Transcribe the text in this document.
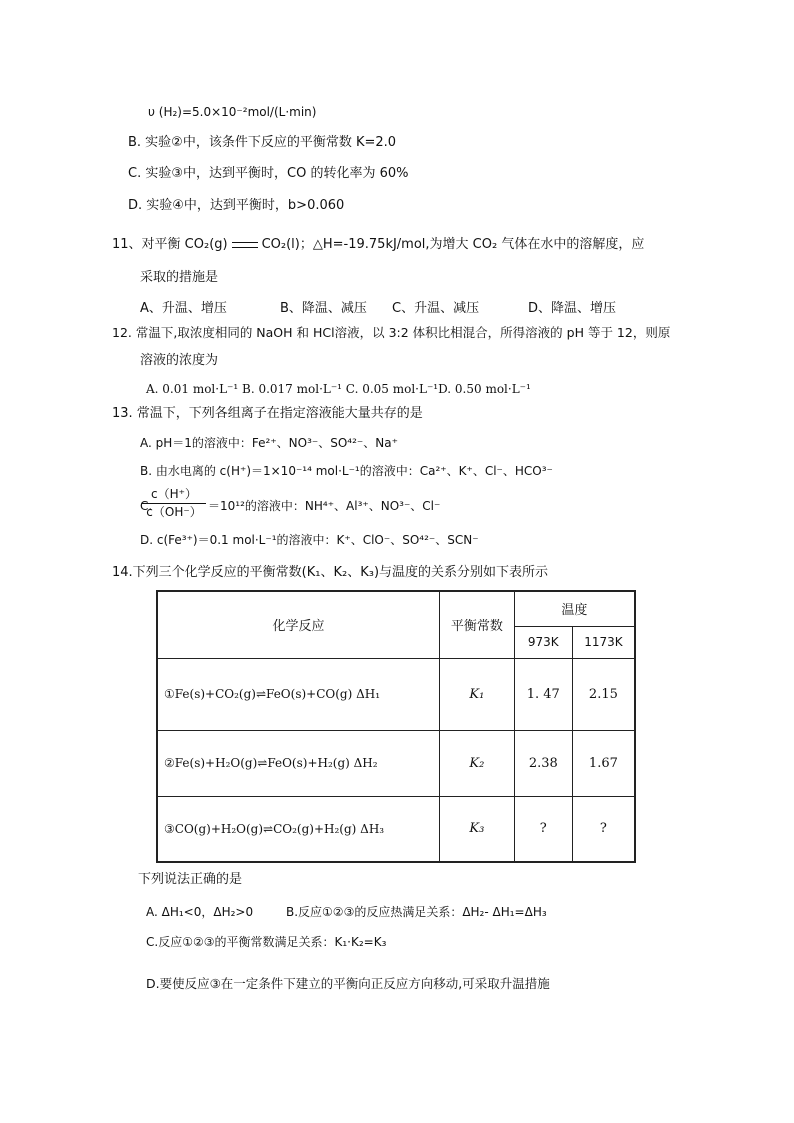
υ (H₂)=5.0×10⁻²mol/(L·min)
B. 实验②中，该条件下反应的平衡常数 K=2.0
C. 实验③中，达到平衡时，CO 的转化率为 60%
D. 实验④中，达到平衡时，b>0.060
11、对平衡 CO₂(g)	CO₂(l)；△H=-19.75kJ/mol,为增大 CO₂ 气体在水中的溶解度，应
采取的措施是
A、升温、增压	B、降温、减压 C、升温、减压	D、降温、增压
12. 常温下,取浓度相同的 NaOH 和 HCl溶液，以 3:2 体积比相混合，所得溶液的 pH 等于 12，则原
溶液的浓度为
A. 0.01 mol·L⁻¹ B. 0.017 mol·L⁻¹ C. 0.05 mol·L⁻¹D. 0.50 mol·L⁻¹
13. 常温下，下列各组离子在指定溶液能大量共存的是
A. pH＝1的溶液中：Fe²⁺、NO³⁻、SO⁴²⁻、Na⁺
B. 由水电离的 c(H⁺)＝1×10⁻¹⁴ mol·L⁻¹的溶液中：Ca²⁺、K⁺、Cl⁻、HCO³⁻
C.
c（H⁺）
c（OH⁻） ＝10¹²的溶液中：NH⁴⁺、Al³⁺、NO³⁻、Cl⁻
D. c(Fe³⁺)＝0.1 mol·L⁻¹的溶液中：K⁺、ClO⁻、SO⁴²⁻、SCN⁻
14.下列三个化学反应的平衡常数(K₁、K₂、K₃)与温度的关系分别如下表所示
化学反应	平衡常数	温度	
		973K	1173K
①Fe(s)+CO₂(g)⇌FeO(s)+CO(g) ΔH₁	K₁	1. 47	2.15
②Fe(s)+H₂O(g)⇌FeO(s)+H₂(g) ΔH₂	K₂	2.38	1.67
③CO(g)+H₂O(g)⇌CO₂(g)+H₂(g) ΔH₃	K₃	?	?
下列说法正确的是
A. ΔH₁<0，ΔH₂>0	B.反应①②③的反应热满足关系：ΔH₂- ΔH₁=ΔH₃
C.反应①②③的平衡常数满足关系：K₁·K₂=K₃
D.要使反应③在一定条件下建立的平衡向正反应方向移动,可采取升温措施
